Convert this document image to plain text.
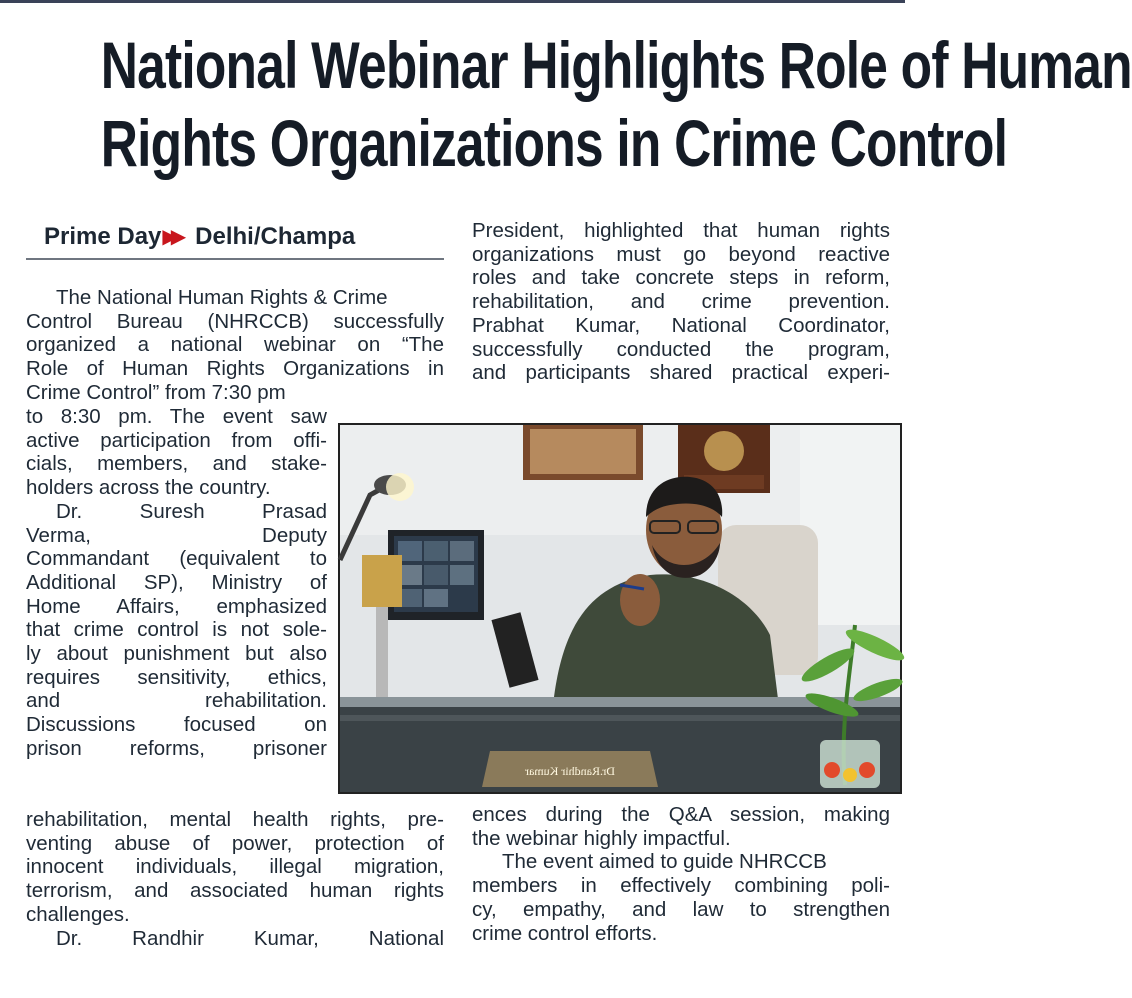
National Webinar Highlights Role of Human
Rights Organizations in Crime Control
Prime Day▶▶ Delhi/Champa
The National Human Rights & Crime
Control Bureau (NHRCCB) successfully
organized a national webinar on “The
Role of Human Rights Organizations in
Crime Control” from 7:30 pm
to 8:30 pm. The event saw
active participation from offi-
cials, members, and stake-
holders across the country.
Dr. Suresh Prasad
Verma, Deputy
Commandant (equivalent to
Additional SP), Ministry of
Home Affairs, emphasized
that crime control is not sole-
ly about punishment but also
requires sensitivity, ethics,
and rehabilitation.
Discussions focused on
prison reforms, prisoner
rehabilitation, mental health rights, pre-
venting abuse of power, protection of
innocent individuals, illegal migration,
terrorism, and associated human rights
challenges.
Dr. Randhir Kumar, National
President, highlighted that human rights
organizations must go beyond reactive
roles and take concrete steps in reform,
rehabilitation, and crime prevention.
Prabhat Kumar, National Coordinator,
successfully conducted the program,
and participants shared practical experi-
ences during the Q&A session, making
the webinar highly impactful.
The event aimed to guide NHRCCB
members in effectively combining poli-
cy, empathy, and law to strengthen
crime control efforts.
Dr.Randhir Kumar
